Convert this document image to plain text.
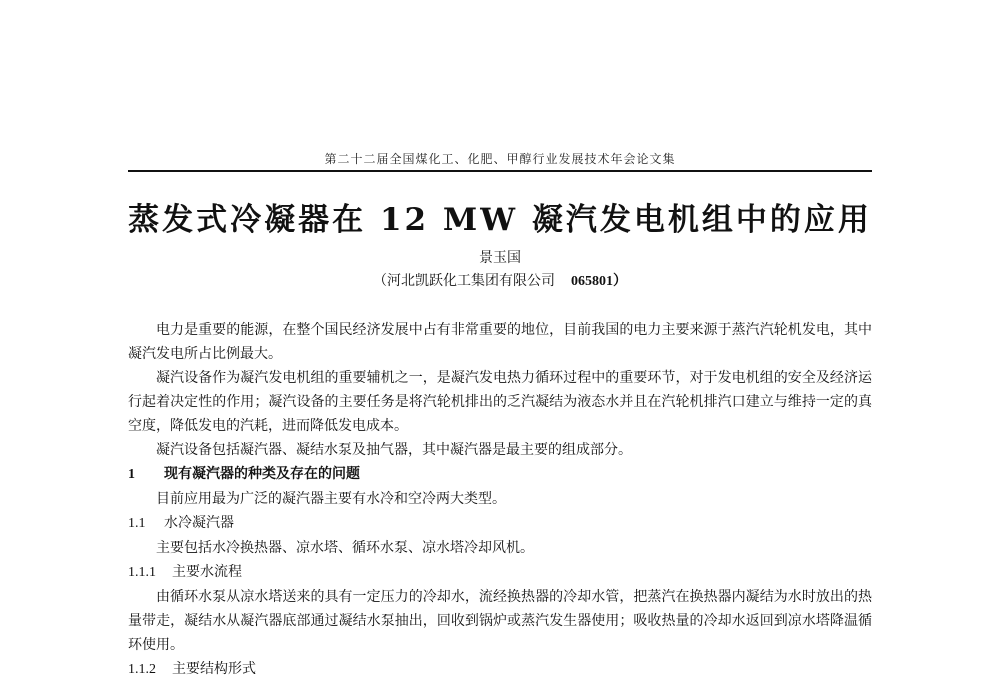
第二十二届全国煤化工、化肥、甲醇行业发展技术年会论文集
蒸发式冷凝器在 12 MW 凝汽发电机组中的应用
景玉国
（河北凯跃化工集团有限公司 065801）

电力是重要的能源，在整个国民经济发展中占有非常重要的地位，目前我国的电力主要来源于蒸汽汽轮机发电，其中凝汽发电所占比例最大。

凝汽设备作为凝汽发电机组的重要辅机之一，是凝汽发电热力循环过程中的重要环节，对于发电机组的安全及经济运行起着决定性的作用；凝汽设备的主要任务是将汽轮机排出的乏汽凝结为液态水并且在汽轮机排汽口建立与维持一定的真空度，降低发电的汽耗，进而降低发电成本。

凝汽设备包括凝汽器、凝结水泵及抽气器，其中凝汽器是最主要的组成部分。

1 现有凝汽器的种类及存在的问题

目前应用最为广泛的凝汽器主要有水冷和空冷两大类型。

1.1 水冷凝汽器

主要包括水冷换热器、凉水塔、循环水泵、凉水塔冷却风机。

1.1.1 主要水流程

由循环水泵从凉水塔送来的具有一定压力的冷却水，流经换热器的冷却水管，把蒸汽在换热器内凝结为水时放出的热量带走，凝结水从凝汽器底部通过凝结水泵抽出，回收到锅炉或蒸汽发生器使用；吸收热量的冷却水返回到凉水塔降温循环使用。

1.1.2 主要结构形式
